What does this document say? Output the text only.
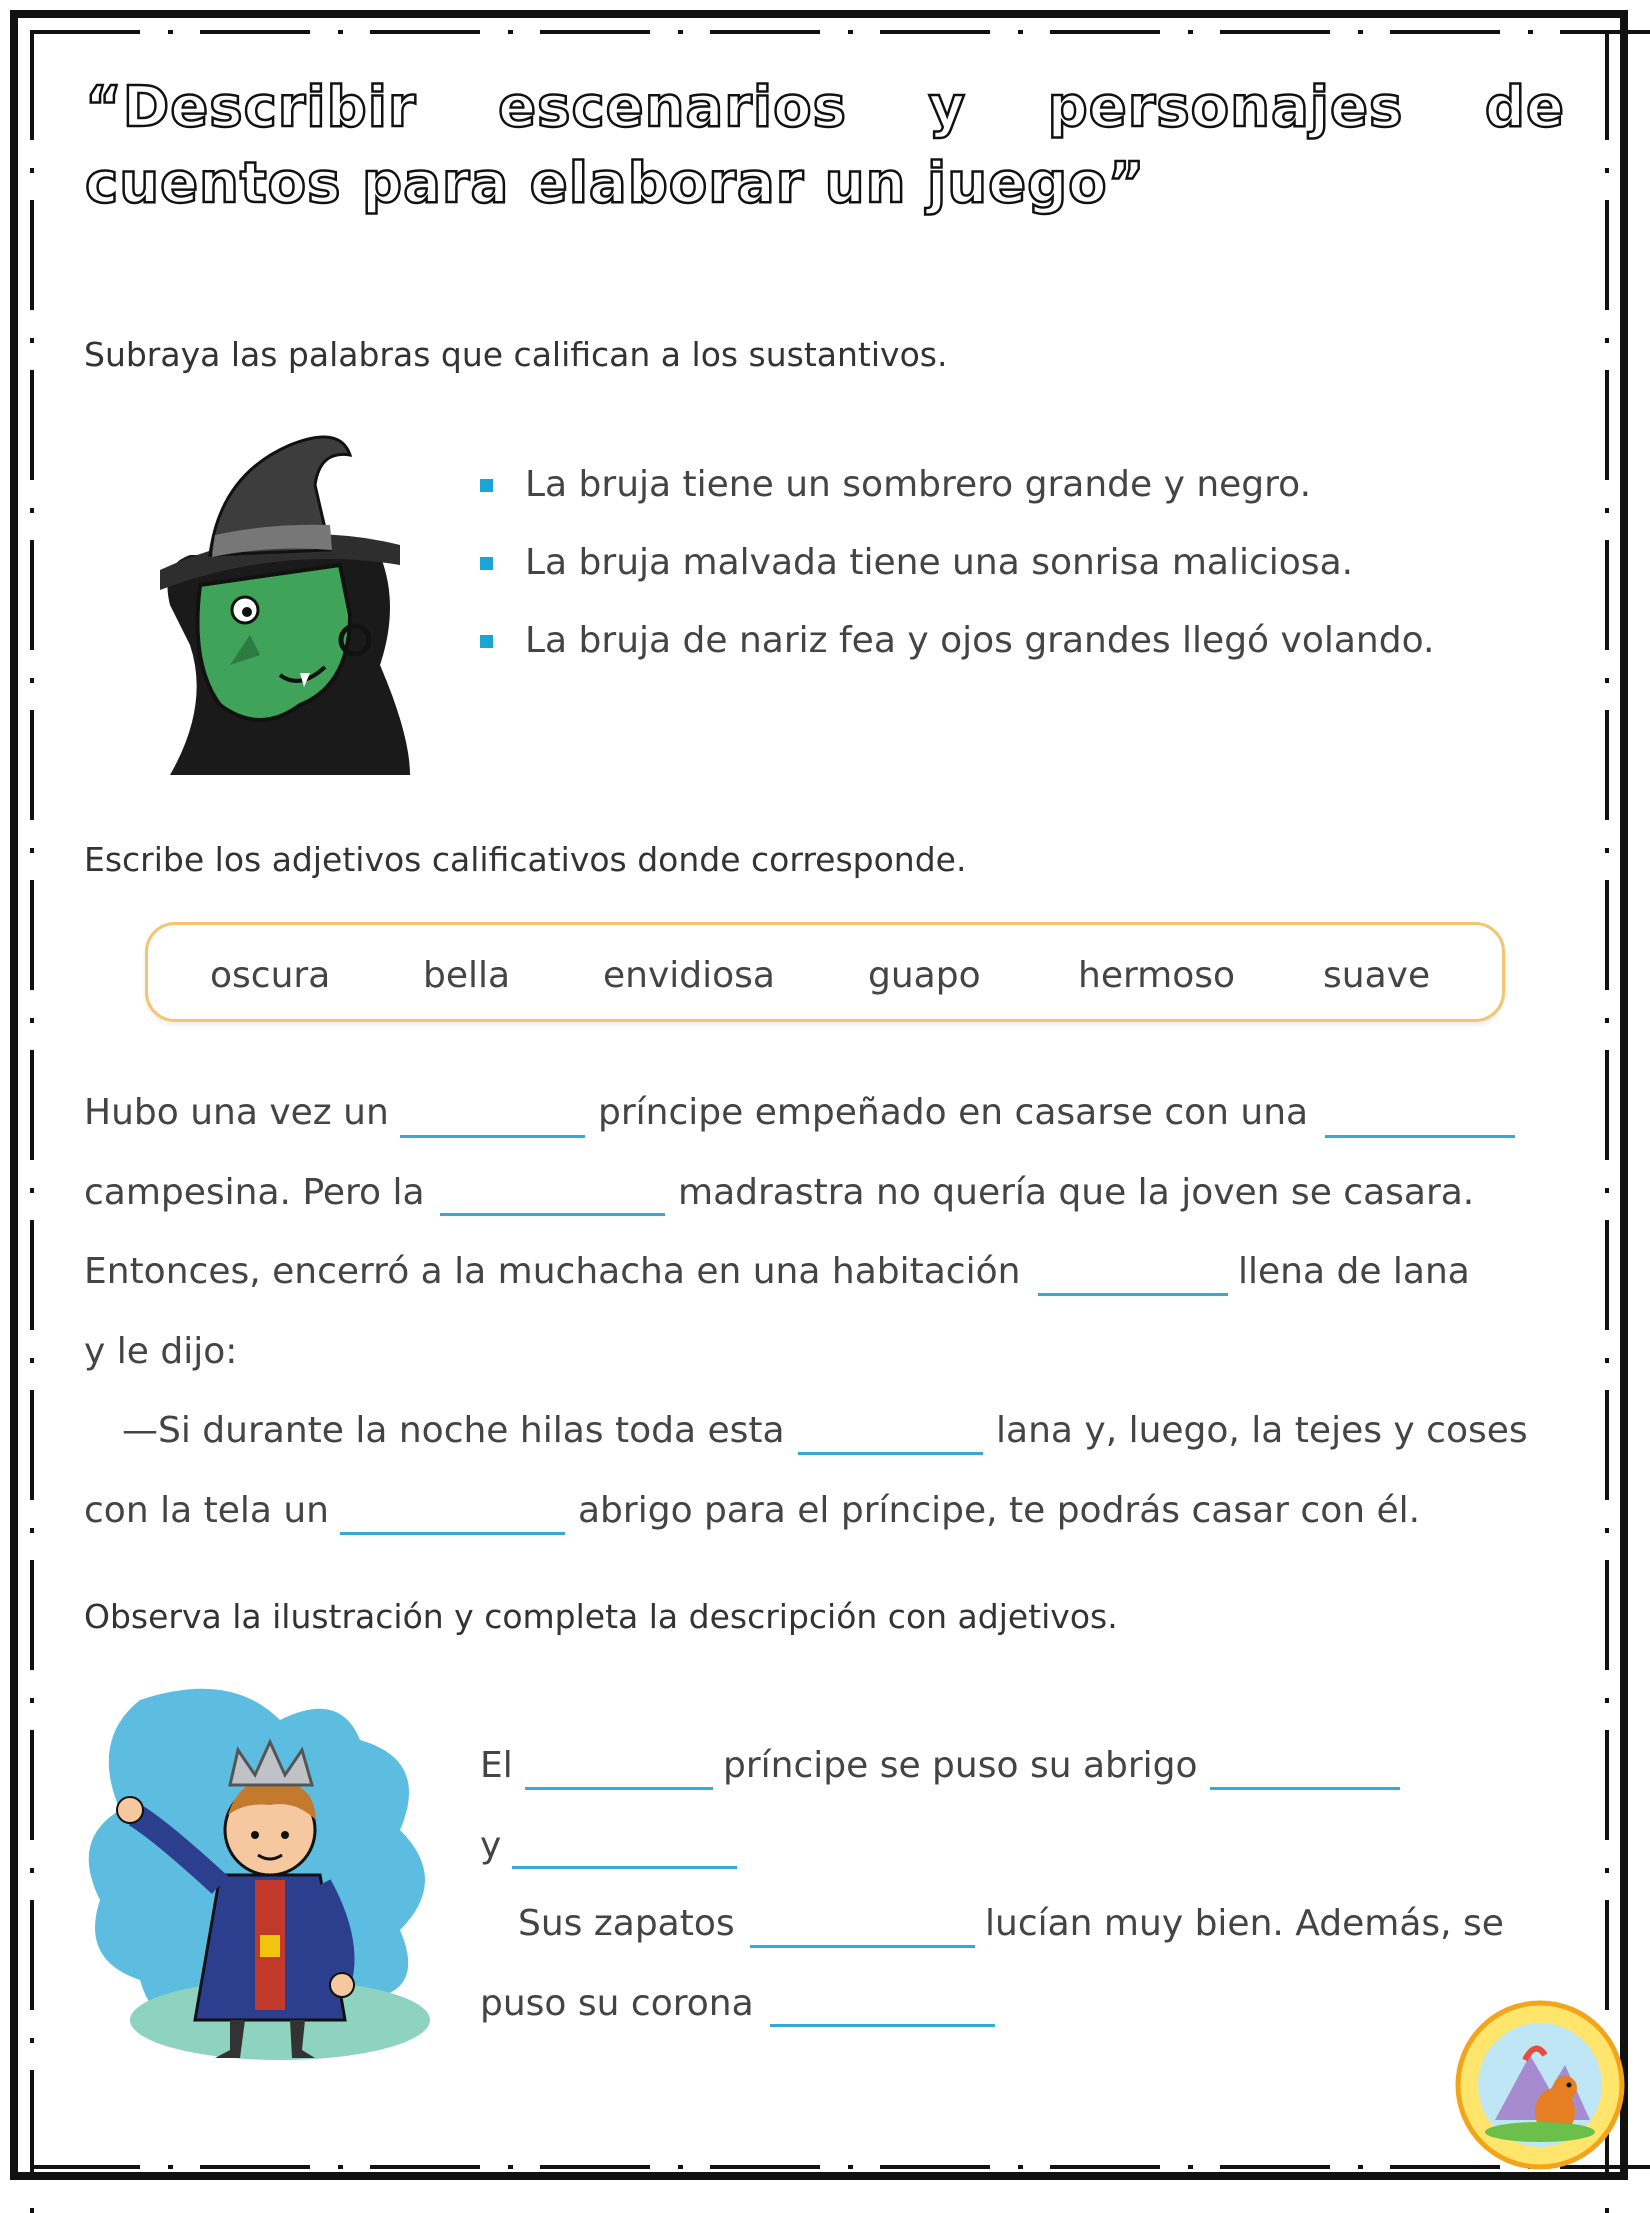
“Describir escenarios y personajes de cuentos para elaborar un juego”
Subraya las palabras que califican a los sustantivos.
La bruja tiene un sombrero grande y negro.
La bruja malvada tiene una sonrisa maliciosa.
La bruja de nariz fea y ojos grandes llegó volando.
Escribe los adjetivos calificativos donde corresponde.
oscura	bella	envidiosa	guapo	hermoso suave
Hubo una vez un	príncipe empeñado en casarse con una
campesina. Pero la	madrastra no quería que la joven se casara.
Entonces, encerró a la muchacha en una habitación	llena de lana
y le dijo:
—Si durante la noche hilas toda esta	lana y, luego, la tejes y coses
con la tela un	abrigo para el príncipe, te podrás casar con él.
Observa la ilustración y completa la descripción con adjetivos.
El	príncipe se puso su abrigo
y
Sus zapatos	lucían muy bien. Además, se
puso su corona
